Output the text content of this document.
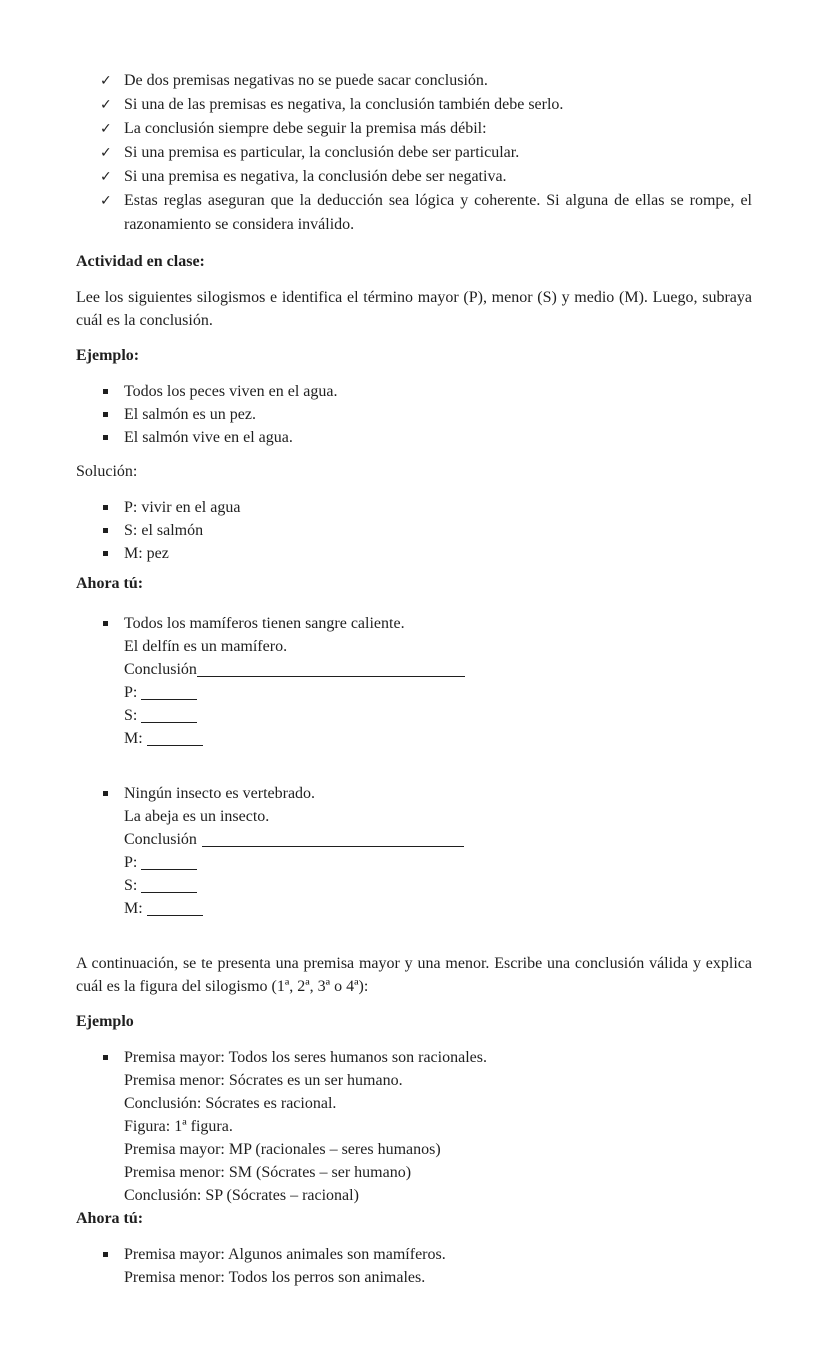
✓ De dos premisas negativas no se puede sacar conclusión.
✓ Si una de las premisas es negativa, la conclusión también debe serlo.
✓ La conclusión siempre debe seguir la premisa más débil:
✓ Si una premisa es particular, la conclusión debe ser particular.
✓ Si una premisa es negativa, la conclusión debe ser negativa.
✓ Estas reglas aseguran que la deducción sea lógica y coherente. Si alguna de ellas se rompe, el razonamiento se considera inválido.
Actividad en clase:

Lee los siguientes silogismos e identifica el término mayor (P), menor (S) y medio (M). Luego, subraya cuál es la conclusión.

Ejemplo:
Todos los peces viven en el agua.
El salmón es un pez.
El salmón vive en el agua.

Solución:

P: vivir en el agua
S: el salmón
M: pez
Ahora tú:
Todos los mamíferos tienen sangre caliente.
El delfín es un mamífero.
Conclusión
P:
S:
M:
Ningún insecto es vertebrado.
La abeja es un insecto.
Conclusión
P:
S:
M:

A continuación, se te presenta una premisa mayor y una menor. Escribe una conclusión válida y explica cuál es la figura del silogismo (1ª, 2ª, 3ª o 4ª):

Ejemplo
Premisa mayor: Todos los seres humanos son racionales.
Premisa menor: Sócrates es un ser humano.
Conclusión: Sócrates es racional.
Figura: 1ª figura.
Premisa mayor: MP (racionales – seres humanos)
Premisa menor: SM (Sócrates – ser humano)
Conclusión: SP (Sócrates – racional)
Ahora tú:
Premisa mayor: Algunos animales son mamíferos.
Premisa menor: Todos los perros son animales.
